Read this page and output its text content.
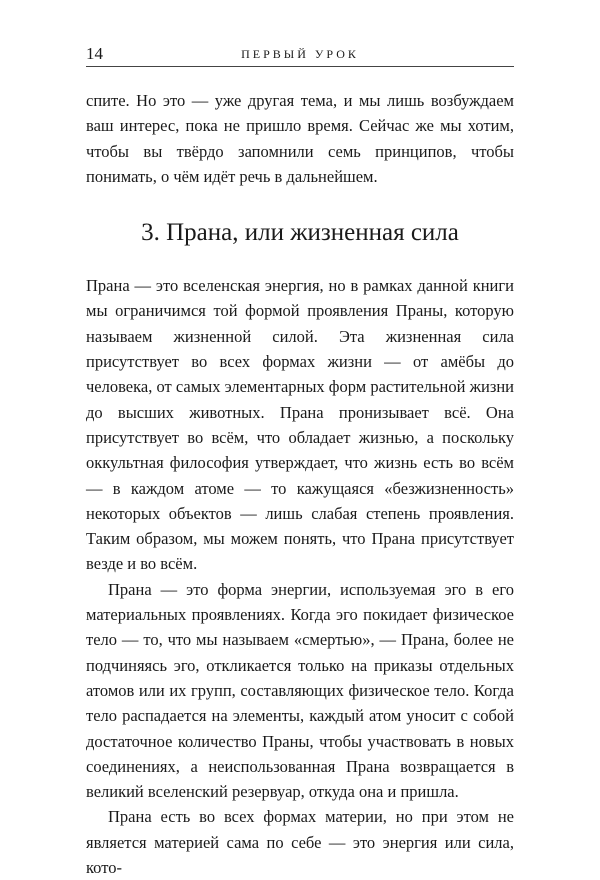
14	ПЕРВЫЙ УРОК

спите. Но это — уже другая тема, и мы лишь возбуждаем ваш интерес, пока не пришло время. Сейчас же мы хотим, чтобы вы твёрдо запомнили семь принципов, чтобы понимать, о чём идёт речь в дальнейшем.

3. Прана, или жизненная сила

Прана — это вселенская энергия, но в рамках данной книги мы ограничимся той формой проявления Праны, которую называем жизненной силой. Эта жизненная сила присутствует во всех формах жизни — от амёбы до человека, от самых элементарных форм растительной жизни до высших животных. Прана пронизывает всё. Она присутствует во всём, что обладает жизнью, а поскольку оккультная философия утверждает, что жизнь есть во всём — в каждом атоме — то кажущаяся «безжизненность» некоторых объектов — лишь слабая степень проявления. Таким образом, мы можем понять, что Прана присутствует везде и во всём.

Прана — это форма энергии, используемая эго в его материальных проявлениях. Когда эго покидает физическое тело — то, что мы называем «смертью», — Прана, более не подчиняясь эго, откликается только на приказы отдельных атомов или их групп, составляющих физическое тело. Когда тело распадается на элементы, каждый атом уносит с собой достаточное количество Праны, чтобы участвовать в новых соединениях, а неиспользованная Прана возвращается в великий вселенский резервуар, откуда она и пришла.

Прана есть во всех формах материи, но при этом не является материей сама по себе — это энергия или сила, кото-
